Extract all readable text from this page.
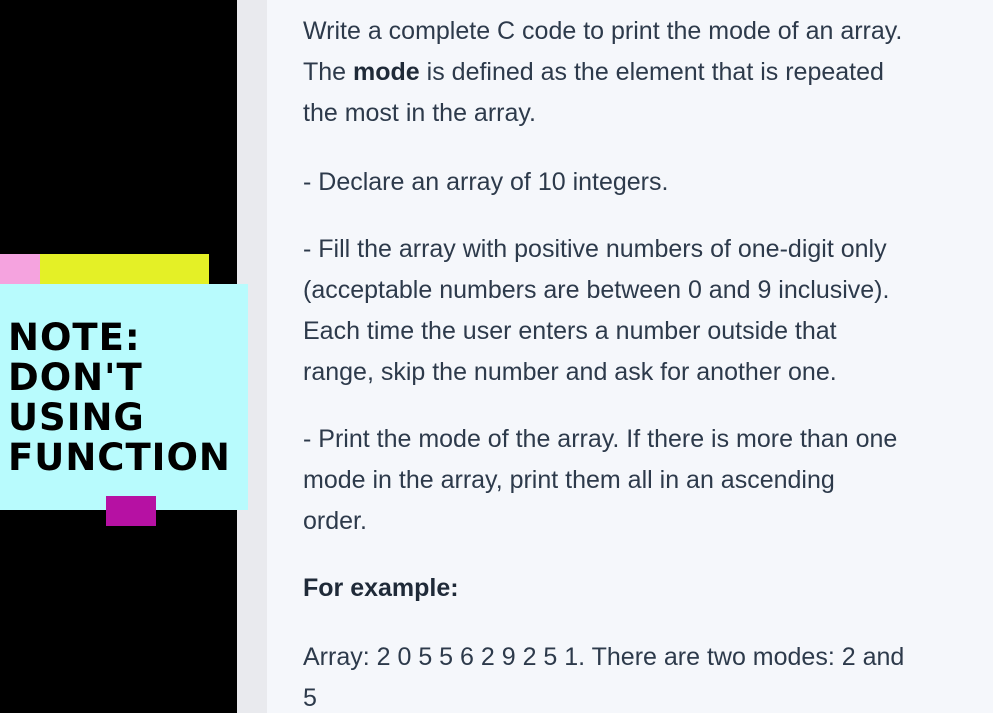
NOTE:
DON'T
USING
FUNCTION
Write a complete C code to print the mode of an array.
The mode is defined as the element that is repeated
the most in the array.
- Declare an array of 10 integers.
- Fill the array with positive numbers of one-digit only
(acceptable numbers are between 0 and 9 inclusive).
Each time the user enters a number outside that
range, skip the number and ask for another one.
- Print the mode of the array. If there is more than one
mode in the array, print them all in an ascending
order.
For example:
Array: 2 0 5 5 6 2 9 2 5 1. There are two modes: 2 and
5
